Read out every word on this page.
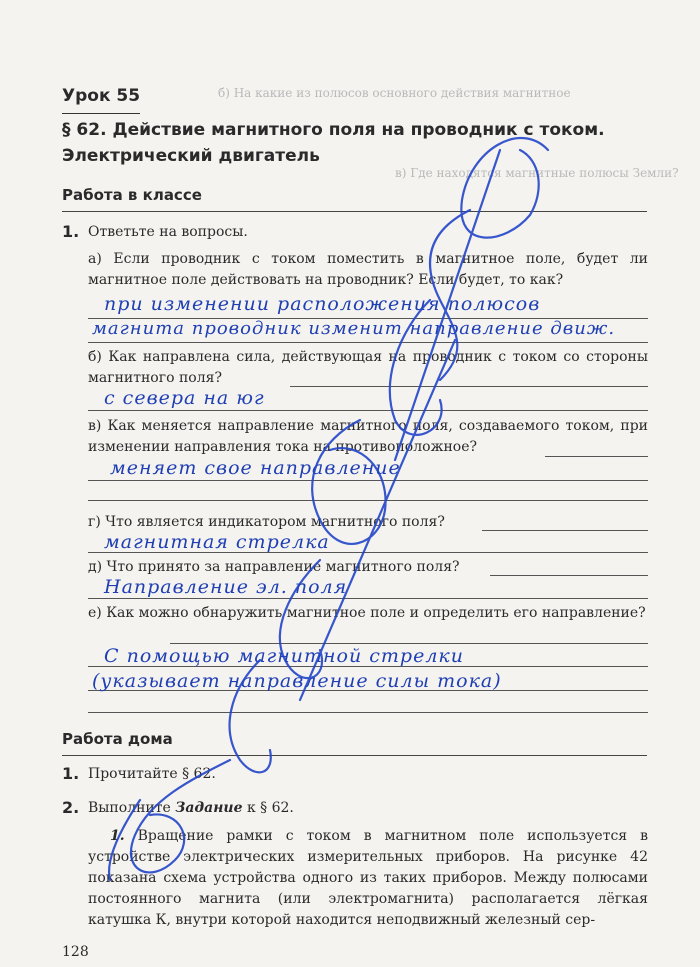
б) На какие из полюсов основного действия магнитное
в) Где находятся магнитные полюсы Земли?
Урок 55
§ 62. Действие магнитного поля на проводник с током. Электрический двигатель
Работа в классе
1. Ответьте на вопросы.
а) Если проводник с током поместить в магнитное поле, будет ли магнитное поле действовать на проводник? Если будет, то как?
при изменении расположения полюсов
магнита проводник изменит направление движ.
б) Как направлена сила, действующая на проводник с током со стороны магнитного поля?
с севера на юг
в) Как меняется направление магнитного поля, создаваемого током, при изменении направления тока на противоположное?
меняет свое направление
г) Что является индикатором магнитного поля?
магнитная стрелка
д) Что принято за направление магнитного поля?
Направление эл. поля
е) Как можно обнаружить магнитное поле и определить его направление?
С помощью магнитной стрелки
(указывает направление силы тока)
Работа дома
1. Прочитайте § 62.
2. Выполните Задание к § 62.
1. Вращение рамки с током в магнитном поле используется в устройстве электрических измерительных приборов. На рисунке 42 показана схема устройства одного из таких приборов. Между полюсами постоянного магнита (или электромагнита) располагается лёгкая катушка К, внутри которой находится неподвижный железный сер-
128
